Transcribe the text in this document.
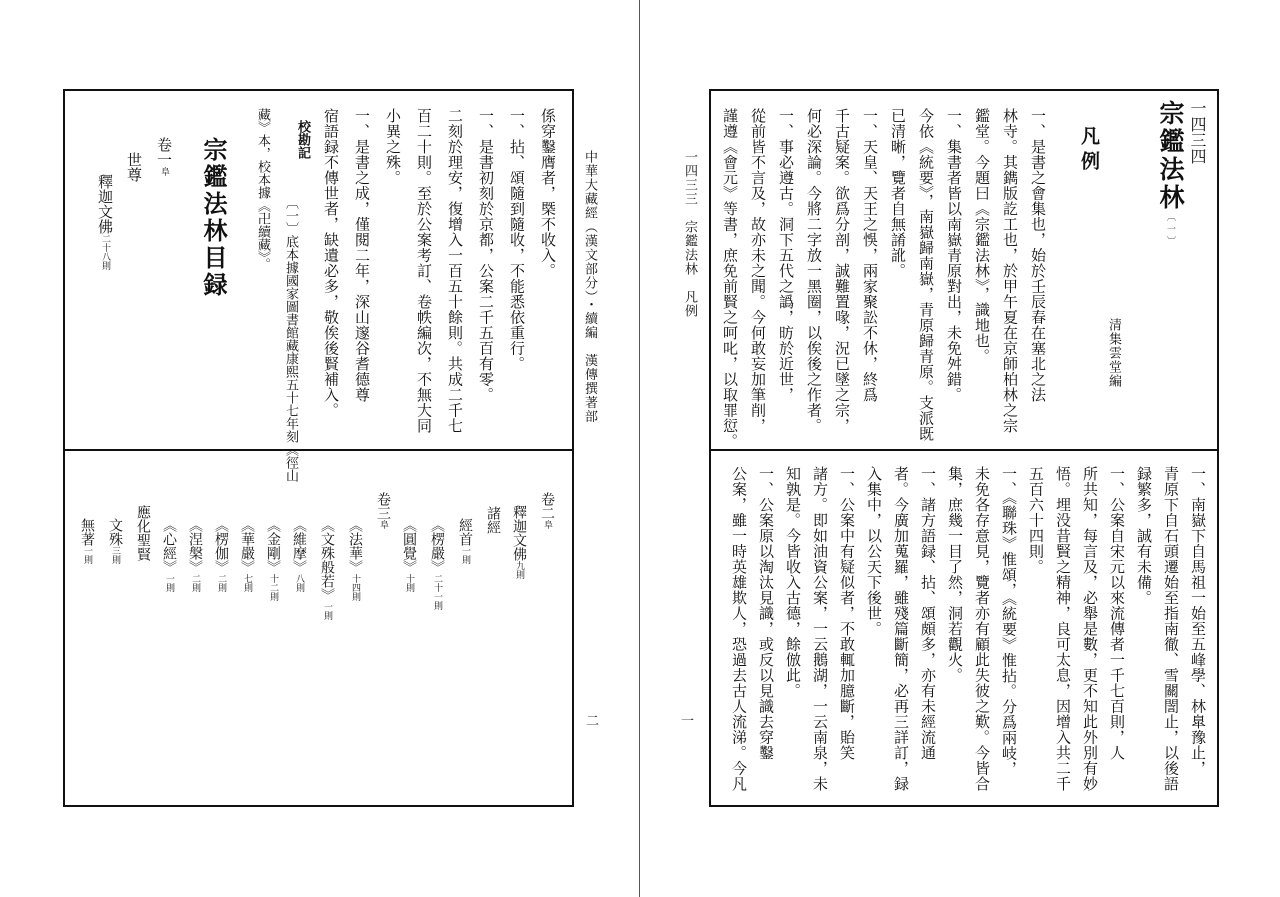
中華大藏經（漢文部分）・續編　漢傳撰著部
二
係穿鑿膺者，槩不收入。
一、拈、頌隨到隨收，不能悉依重行。
一、是書初刻於京都，公案二千五百有零。
二刻於理安，復增入一百五十餘則。共成二千七
百二十則。至於公案考訂、卷帙編次，不無大同
小異之殊。
一、是書之成，僅閱二年，深山邃谷耆德尊
宿語録不傳世者，缺遺必多，敬俟後賢補入。
校勘記
〔一〕底本據國家圖書館藏康熙五十七年刻《徑山
藏》本，校本據《卍續藏》。
宗鑑法林目録
卷一阜
世尊
釋迦文佛二十八則
卷二阜
釋迦文佛九則
諸經
經首一則
《楞嚴》二十一則
《圓覺》十則
卷三阜
《法華》十四則
《文殊般若》一則
《維摩》八則
《金剛》十二則
《華嚴》七則
《楞伽》二則
《涅槃》二則
《心經》一則
應化聖賢
文殊三則
無著一則
一四三三　宗鑑法林　凡例
一
一四三四
宗鑑法林〔一〕
凡例
清集雲堂編
一、是書之會集也，始於壬辰春在塞北之法
林寺。其鐫版訖工也，於甲午夏在京師柏林之宗
鑑堂。今題曰《宗鑑法林》，識地也。
一、集書者皆以南嶽青原對出，未免舛錯。
今依《統要》，南嶽歸南嶽，青原歸青原。支派既
已清晰，覽者自無誵訛。
一、天皇、天王之悞，兩家聚訟不休，終爲
千古疑案。欲爲分剖，誠難置喙，況已墜之宗，
何必深論。今將二字放一黑圈，以俟後之作者。
一、事必遵古。洞下五代之譌，昉於近世，
從前皆不言及，故亦未之聞。今何敢妄加筆削，
謹遵《會元》等書，庶免前賢之呵叱，以取罪愆。
一、南嶽下自馬祖一始至五峰學、林臯豫止，
青原下自石頭遷始至指南徹、雪關誾止，以後語
録繁多，誠有未備。
一、公案自宋元以來流傳者一千七百則，人
所共知，每言及，必舉是數，更不知此外別有妙
悟。埋没昔賢之精神，良可太息，因增入共二千
五百六十四則。
一、《聯珠》惟頌，《統要》惟拈。分爲兩岐，
未免各存意見，覽者亦有顧此失彼之歎。今皆合
集，庶幾一目了然，洞若觀火。
一、諸方語録、拈、頌頗多，亦有未經流通
者。今廣加蒐羅，雖殘篇斷簡，必再三詳訂，録
入集中，以公天下後世。
一、公案中有疑似者，不敢輒加臆斷，貽笑
諸方。即如油資公案，一云鵝湖，一云南泉，未
知孰是。今皆收入古德，餘倣此。
一、公案原以淘汰見識，或反以見識去穿鑿
公案，雖一時英雄欺人，恐過去古人流涕。今凡
